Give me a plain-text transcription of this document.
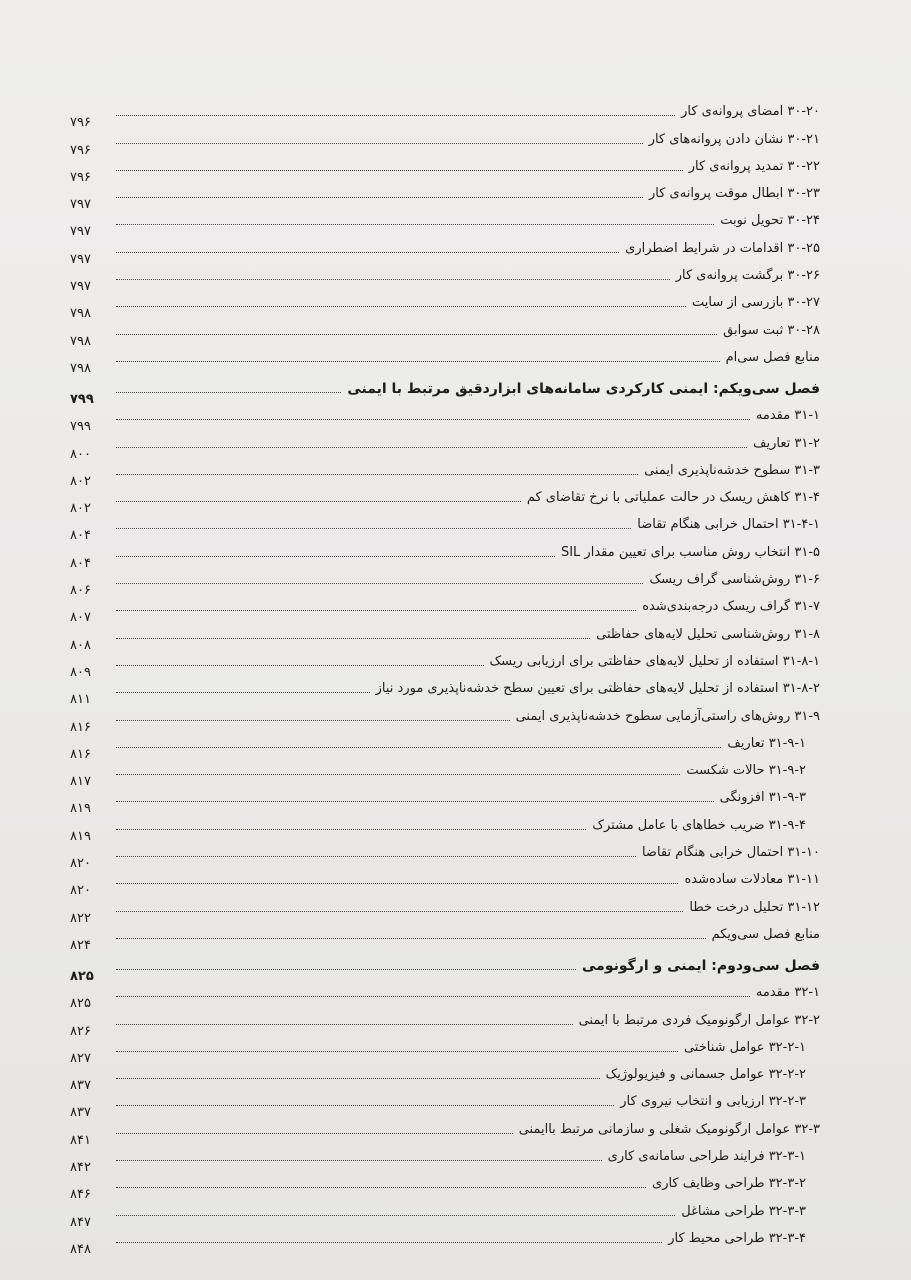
۳۰-۲۰ امضای پروانه‌ی کار
۷۹۶
۳۰-۲۱ نشان دادن پروانه‌های کار
۷۹۶
۳۰-۲۲ تمدید پروانه‌ی کار
۷۹۶
۳۰-۲۳ ابطال موقت پروانه‌ی کار
۷۹۷
۳۰-۲۴ تحویل نوبت
۷۹۷
۳۰-۲۵ اقدامات در شرایط اضطراری
۷۹۷
۳۰-۲۶ برگشت پروانه‌ی کار
۷۹۷
۳۰-۲۷ بازرسی از سایت
۷۹۸
۳۰-۲۸ ثبت سوابق
۷۹۸
منابع فصل سی‌ام
۷۹۸
فصل سی‌ویکم: ایمنی کارکردی سامانه‌های ابزاردقیق مرتبط با ایمنی
۷۹۹
۳۱-۱ مقدمه
۷۹۹
۳۱-۲ تعاریف
۸۰۰
۳۱-۳ سطوح خدشه‌ناپذیری ایمنی
۸۰۲
۳۱-۴ کاهش ریسک در حالت عملیاتی با نرخ تقاضای کم
۸۰۲
۳۱-۴-۱ احتمال خرابی هنگام تقاضا
۸۰۴
۳۱-۵ انتخاب روش مناسب برای تعیین مقدار SIL
۸۰۴
۳۱-۶ روش‌شناسی گراف ریسک
۸۰۶
۳۱-۷ گراف ریسک درجه‌بندی‌شده
۸۰۷
۳۱-۸ روش‌شناسی تحلیل لایه‌های حفاظتی
۸۰۸
۳۱-۸-۱ استفاده از تحلیل لایه‌های حفاظتی برای ارزیابی ریسک
۸۰۹
۳۱-۸-۲ استفاده از تحلیل لایه‌های حفاظتی برای تعیین سطح خدشه‌ناپذیری مورد نیاز
۸۱۱
۳۱-۹ روش‌های راستی‌آزمایی سطوح خدشه‌ناپذیری ایمنی
۸۱۶
۳۱-۹-۱ تعاریف
۸۱۶
۳۱-۹-۲ حالات شکست
۸۱۷
۳۱-۹-۳ افزونگی
۸۱۹
۳۱-۹-۴ ضریب خطاهای با عامل مشترک
۸۱۹
۳۱-۱۰ احتمال خرابی هنگام تقاضا
۸۲۰
۳۱-۱۱ معادلات ساده‌شده
۸۲۰
۳۱-۱۲ تحلیل درخت خطا
۸۲۲
منابع فصل سی‌ویکم
۸۲۴
فصل سی‌ودوم: ایمنی و ارگونومی
۸۲۵
۳۲-۱ مقدمه
۸۲۵
۳۲-۲ عوامل ارگونومیک فردی مرتبط با ایمنی
۸۲۶
۳۲-۲-۱ عوامل شناختی
۸۲۷
۳۲-۲-۲ عوامل جسمانی و فیزیولوژیک
۸۳۷
۳۲-۲-۳ ارزیابی و انتخاب نیروی کار
۸۳۷
۳۲-۳ عوامل ارگونومیک شغلی و سازمانی مرتبط باایمنی
۸۴۱
۳۲-۳-۱ فرایند طراحی سامانه‌ی کاری
۸۴۲
۳۲-۳-۲ طراحی وظایف کاری
۸۴۶
۳۲-۳-۳ طراحی مشاغل
۸۴۷
۳۲-۳-۴ طراحی محیط کار
۸۴۸
